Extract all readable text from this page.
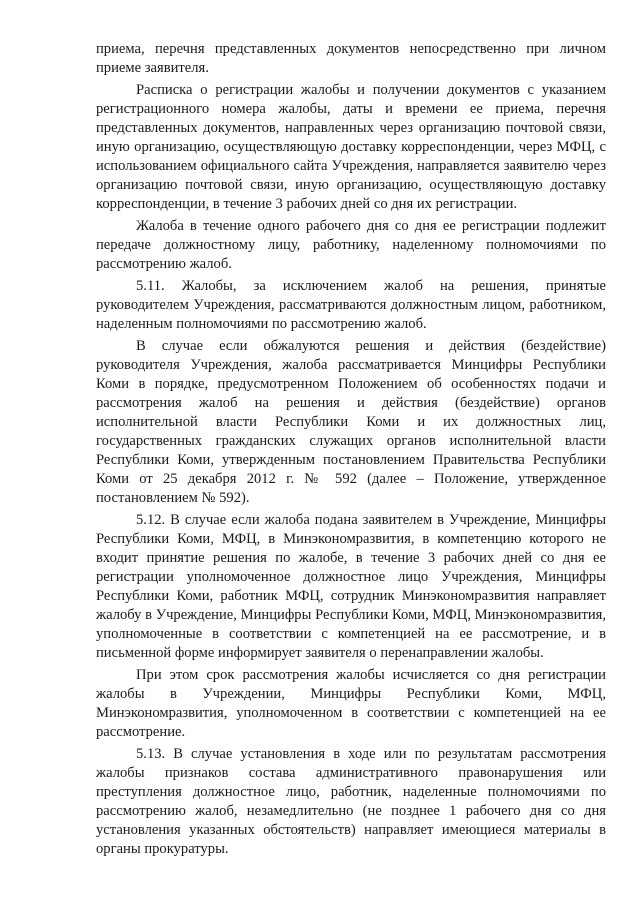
приема, перечня представленных документов непосредственно при личном приеме заявителя.

Расписка о регистрации жалобы и получении документов с указанием регистрационного номера жалобы, даты и времени ее приема, перечня представленных документов, направленных через организацию почтовой связи, иную организацию, осуществляющую доставку корреспонденции, через МФЦ, с использованием официального сайта Учреждения, направляется заявителю через организацию почтовой связи, иную организацию, осуществляющую доставку корреспонденции, в течение 3 рабочих дней со дня их регистрации.

Жалоба в течение одного рабочего дня со дня ее регистрации подлежит передаче должностному лицу, работнику, наделенному полномочиями по рассмотрению жалоб.

5.11. Жалобы, за исключением жалоб на решения, принятые руководителем Учреждения, рассматриваются должностным лицом, работником, наделенным полномочиями по рассмотрению жалоб.

В случае если обжалуются решения и действия (бездействие) руководителя Учреждения, жалоба рассматривается Минцифры Республики Коми в порядке, предусмотренном Положением об особенностях подачи и рассмотрения жалоб на решения и действия (бездействие) органов исполнительной власти Республики Коми и их должностных лиц, государственных гражданских служащих органов исполнительной власти Республики Коми, утвержденным постановлением Правительства Республики Коми от 25 декабря 2012 г. № 592 (далее – Положение, утвержденное постановлением № 592).

5.12. В случае если жалоба подана заявителем в Учреждение, Минцифры Республики Коми, МФЦ, в Минэкономразвития, в компетенцию которого не входит принятие решения по жалобе, в течение 3 рабочих дней со дня ее регистрации уполномоченное должностное лицо Учреждения, Минцифры Республики Коми, работник МФЦ, сотрудник Минэкономразвития направляет жалобу в Учреждение, Минцифры Республики Коми, МФЦ, Минэкономразвития, уполномоченные в соответствии с компетенцией на ее рассмотрение, и в письменной форме информирует заявителя о перенаправлении жалобы.

При этом срок рассмотрения жалобы исчисляется со дня регистрации жалобы в Учреждении, Минцифры Республики Коми, МФЦ, Минэкономразвития, уполномоченном в соответствии с компетенцией на ее рассмотрение.

5.13. В случае установления в ходе или по результатам рассмотрения жалобы признаков состава административного правонарушения или преступления должностное лицо, работник, наделенные полномочиями по рассмотрению жалоб, незамедлительно (не позднее 1 рабочего дня со дня установления указанных обстоятельств) направляет имеющиеся материалы в органы прокуратуры.
